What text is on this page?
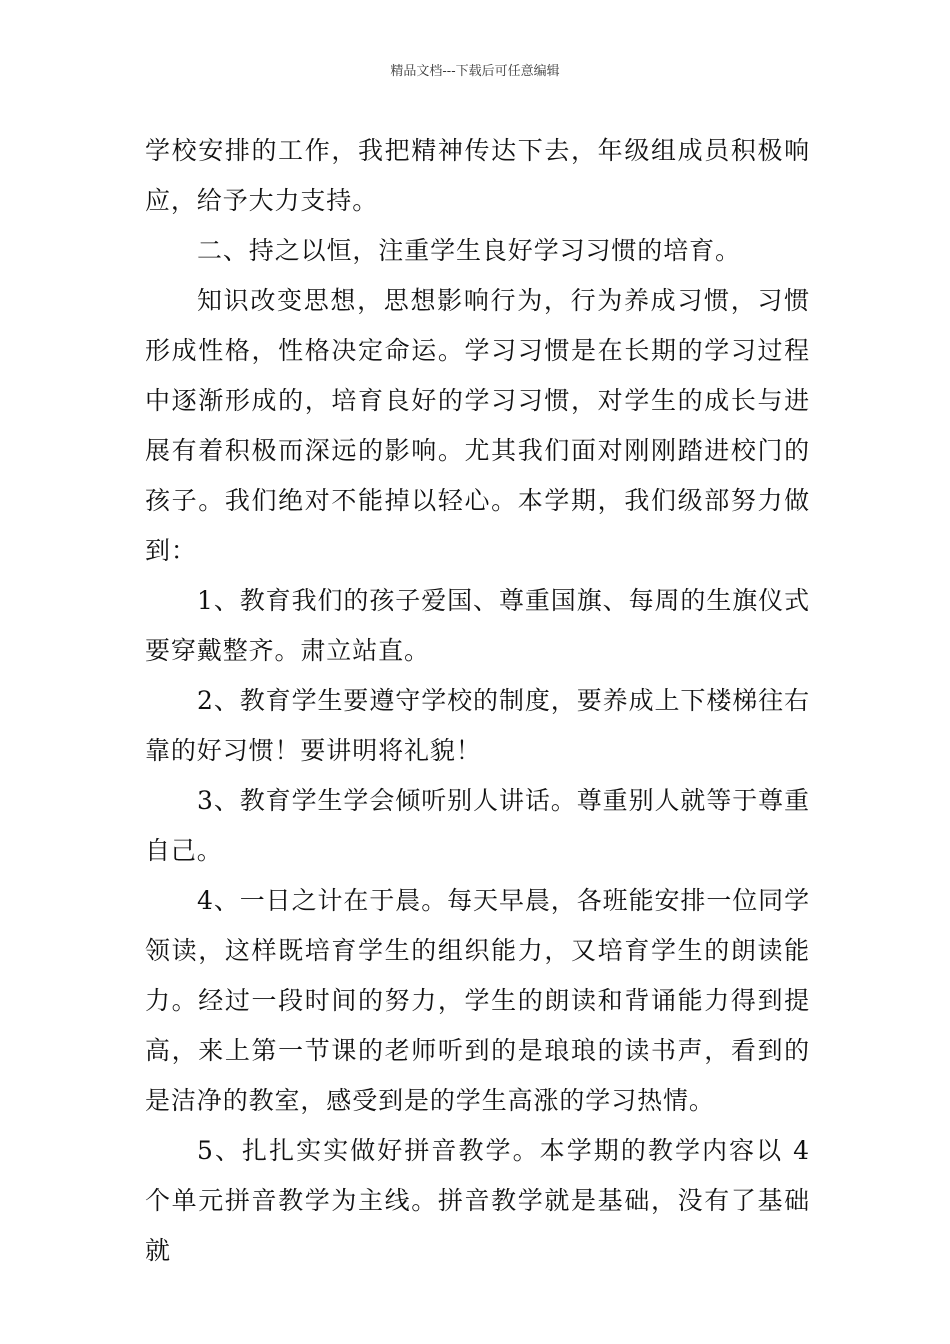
精品文档---下载后可任意编辑

学校安排的工作，我把精神传达下去，年级组成员积极响应，给予大力支持。

二、持之以恒，注重学生良好学习习惯的培育。

知识改变思想，思想影响行为，行为养成习惯，习惯形成性格，性格决定命运。学习习惯是在长期的学习过程中逐渐形成的，培育良好的学习习惯，对学生的成长与进展有着积极而深远的影响。尤其我们面对刚刚踏进校门的孩子。我们绝对不能掉以轻心。本学期，我们级部努力做到：

1、教育我们的孩子爱国、尊重国旗、每周的生旗仪式要穿戴整齐。肃立站直。

2、教育学生要遵守学校的制度，要养成上下楼梯往右靠的好习惯！要讲明将礼貌！

3、教育学生学会倾听别人讲话。尊重别人就等于尊重自己。

4、一日之计在于晨。每天早晨，各班能安排一位同学领读，这样既培育学生的组织能力，又培育学生的朗读能力。经过一段时间的努力，学生的朗读和背诵能力得到提高，来上第一节课的老师听到的是琅琅的读书声，看到的是洁净的教室，感受到是的学生高涨的学习热情。

5、扎扎实实做好拼音教学。本学期的教学内容以 4 个单元拼音教学为主线。拼音教学就是基础，没有了基础就
